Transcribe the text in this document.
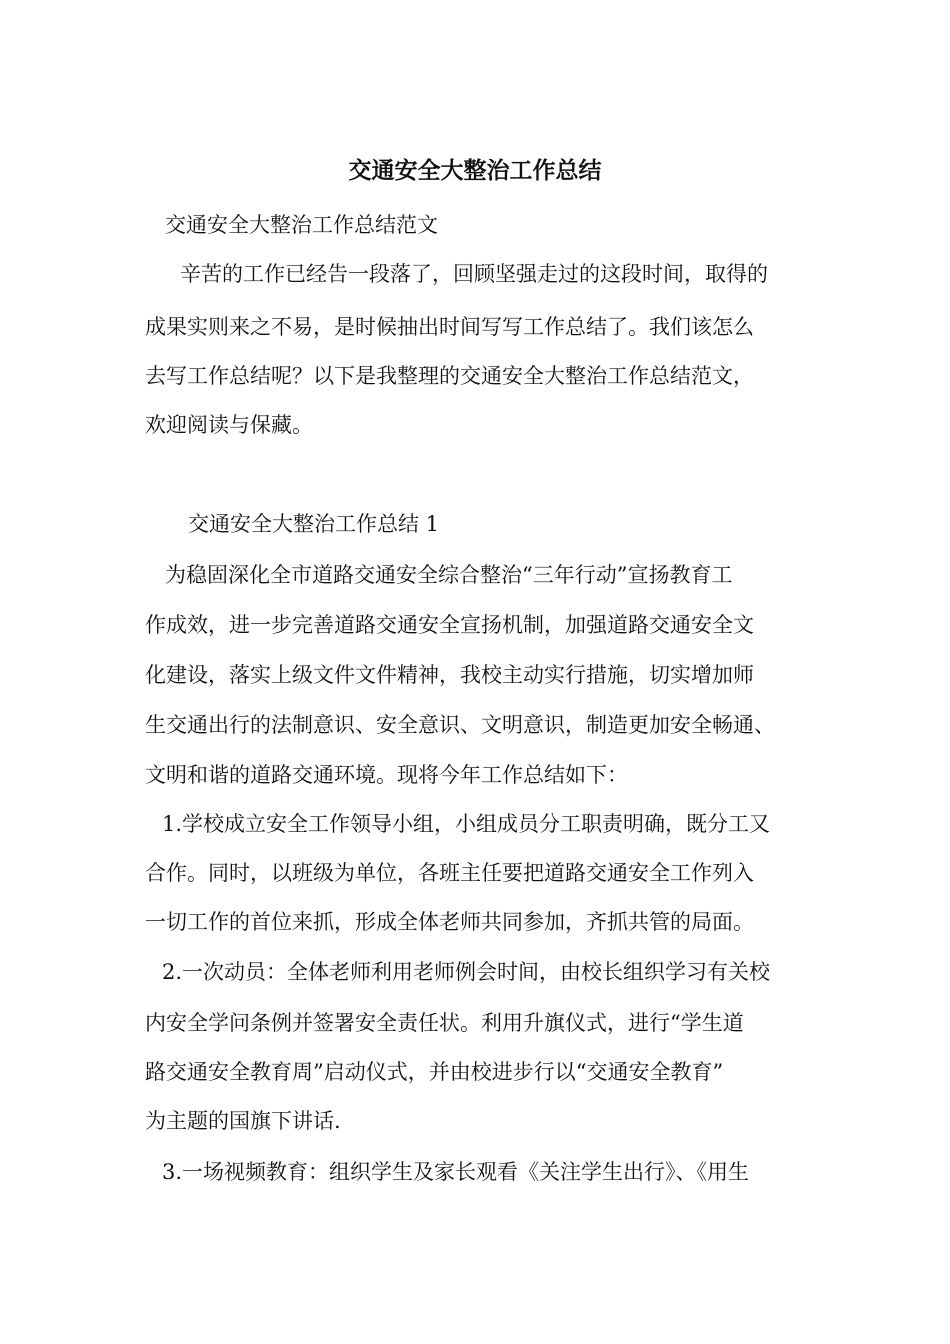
交通安全大整治工作总结
交通安全大整治工作总结范文
辛苦的工作已经告一段落了，回顾坚强走过的这段时间，取得的
成果实则来之不易，是时候抽出时间写写工作总结了。我们该怎么
去写工作总结呢？以下是我整理的交通安全大整治工作总结范文，
欢迎阅读与保藏。
交通安全大整治工作总结 1
为稳固深化全市道路交通安全综合整治“三年行动”宣扬教育工
作成效，进一步完善道路交通安全宣扬机制，加强道路交通安全文
化建设，落实上级文件文件精神，我校主动实行措施，切实增加师
生交通出行的法制意识、安全意识、文明意识，制造更加安全畅通、
文明和谐的道路交通环境。现将今年工作总结如下：
1.学校成立安全工作领导小组，小组成员分工职责明确，既分工又
合作。同时，以班级为单位，各班主任要把道路交通安全工作列入
一切工作的首位来抓，形成全体老师共同参加，齐抓共管的局面。
2.一次动员：全体老师利用老师例会时间，由校长组织学习有关校
内安全学问条例并签署安全责任状。利用升旗仪式，进行“学生道
路交通安全教育周”启动仪式，并由校进步行以“交通安全教育”
为主题的国旗下讲话.
3.一场视频教育：组织学生及家长观看《关注学生出行》、《用生
